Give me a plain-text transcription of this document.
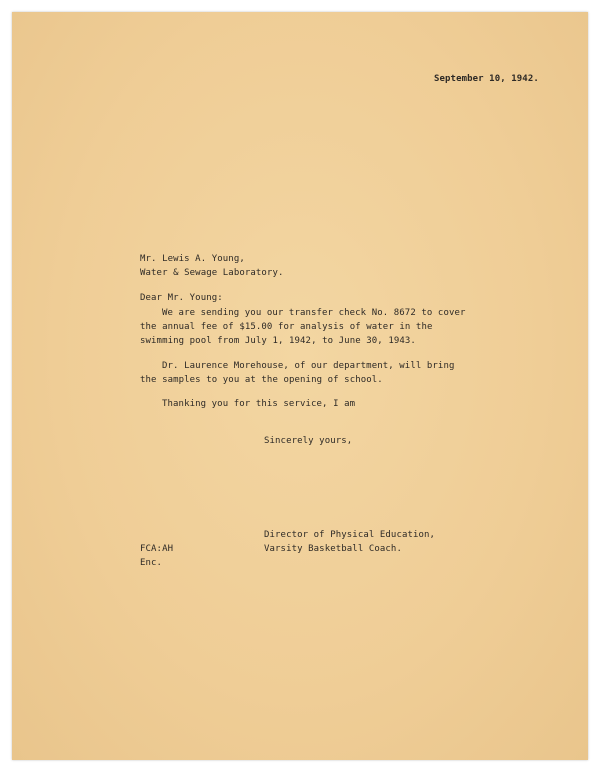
September 10, 1942.
Mr. Lewis A. Young,
Water & Sewage Laboratory.
Dear Mr. Young:
We are sending you our transfer check No. 8672 to cover
the annual fee of $15.00 for analysis of water in the
swimming pool from July 1, 1942, to June 30, 1943.
Dr. Laurence Morehouse, of our department, will bring
the samples to you at the opening of school.
Thanking you for this service, I am
Sincerely yours,
Director of Physical Education,
Varsity Basketball Coach.
FCA:AH
Enc.
